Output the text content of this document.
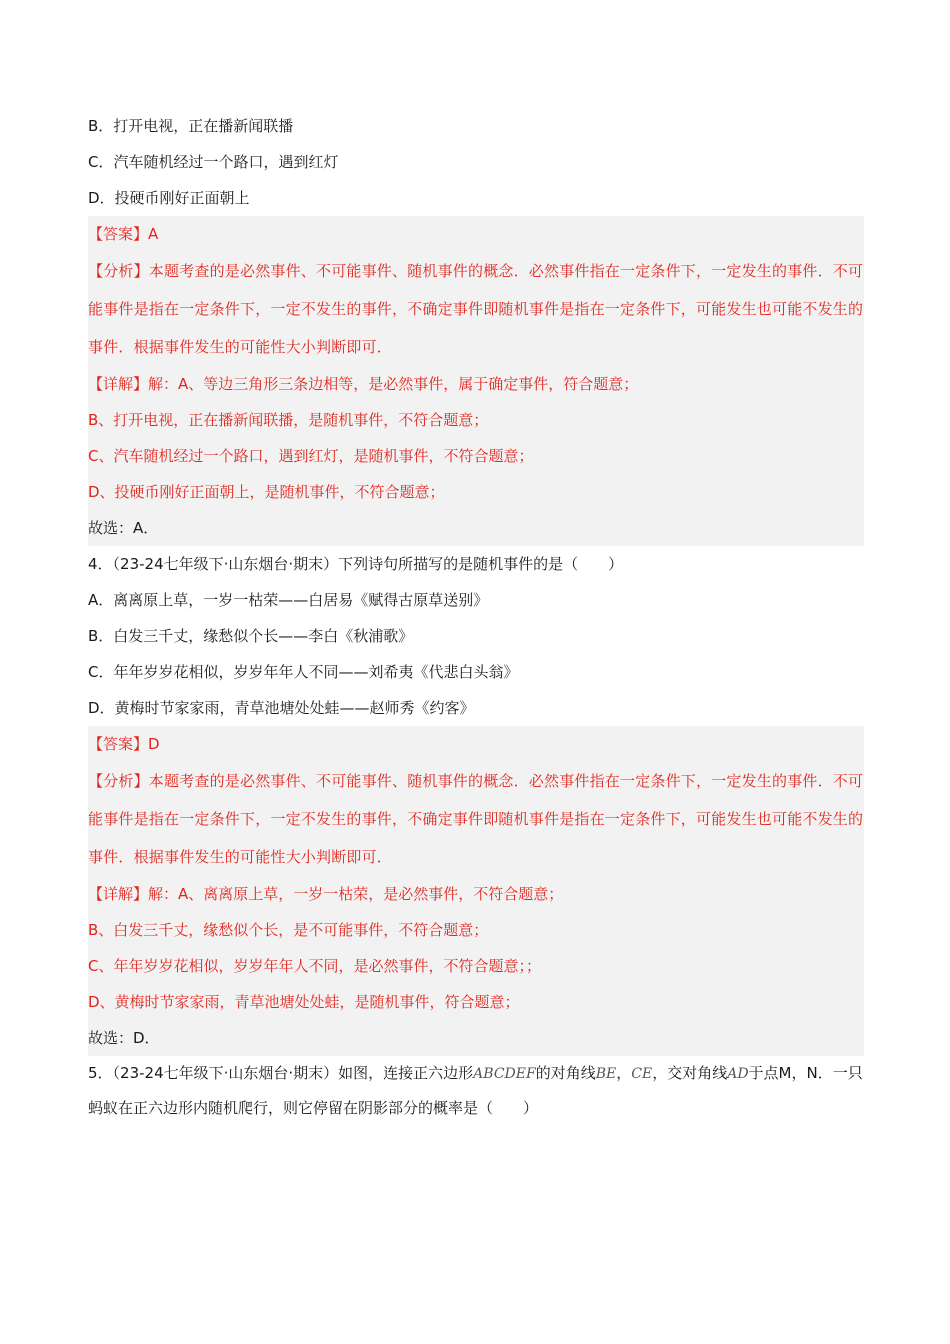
B．打开电视，正在播新闻联播
C．汽车随机经过一个路口，遇到红灯
D．投硬币刚好正面朝上
【答案】A
【分析】本题考查的是必然事件、不可能事件、随机事件的概念．必然事件指在一定条件下，一定发生的事件．不可能事件是指在一定条件下，一定不发生的事件，不确定事件即随机事件是指在一定条件下，可能发生也可能不发生的事件．根据事件发生的可能性大小判断即可．
【详解】解：A、等边三角形三条边相等，是必然事件，属于确定事件，符合题意；
B、打开电视，正在播新闻联播，是随机事件，不符合题意；
C、汽车随机经过一个路口，遇到红灯，是随机事件，不符合题意；
D、投硬币刚好正面朝上，是随机事件，不符合题意；
故选：A．
4．（23-24七年级下·山东烟台·期末）下列诗句所描写的是随机事件的是（　　）
A．离离原上草，一岁一枯荣——白居易《赋得古原草送别》
B．白发三千丈，缘愁似个长——李白《秋浦歌》
C．年年岁岁花相似，岁岁年年人不同——刘希夷《代悲白头翁》
D．黄梅时节家家雨，青草池塘处处蛙——赵师秀《约客》
【答案】D
【分析】本题考查的是必然事件、不可能事件、随机事件的概念．必然事件指在一定条件下，一定发生的事件．不可能事件是指在一定条件下，一定不发生的事件，不确定事件即随机事件是指在一定条件下，可能发生也可能不发生的事件．根据事件发生的可能性大小判断即可．
【详解】解：A、离离原上草，一岁一枯荣，是必然事件，不符合题意；
B、白发三千丈，缘愁似个长，是不可能事件，不符合题意；
C、年年岁岁花相似，岁岁年年人不同，是必然事件，不符合题意；；
D、黄梅时节家家雨，青草池塘处处蛙，是随机事件，符合题意；
故选：D．
5．（23-24七年级下·山东烟台·期末）如图，连接正六边形ABCDEF的对角线BE，CE，交对角线AD于点M，N．一只蚂蚁在正六边形内随机爬行，则它停留在阴影部分的概率是（　　）
